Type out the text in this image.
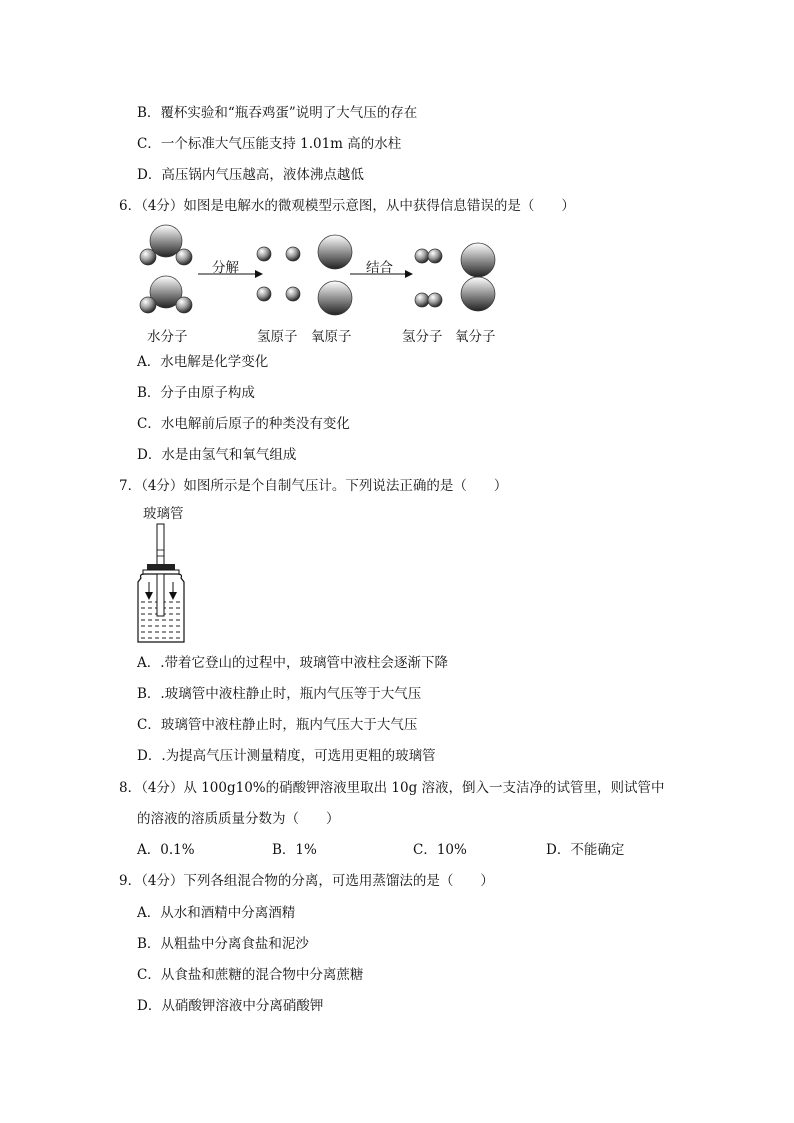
B．覆杯实验和“瓶吞鸡蛋”说明了大气压的存在
C．一个标准大气压能支持 1.01m 高的水柱
D．高压锅内气压越高，液体沸点越低
6．（4分）如图是电解水的微观模型示意图，从中获得信息错误的是（　　）
分解	结合
水分子	氢原子 氧原子	氢分子 氧分子
A．水电解是化学变化
B．分子由原子构成
C．水电解前后原子的种类没有变化
D．水是由氢气和氧气组成
7．（4分）如图所示是个自制气压计。下列说法正确的是（　　）
玻璃管
A．.带着它登山的过程中，玻璃管中液柱会逐渐下降
B．.玻璃管中液柱静止时，瓶内气压等于大气压
C．玻璃管中液柱静止时，瓶内气压大于大气压
D．.为提高气压计测量精度，可选用更粗的玻璃管
8．（4分）从 100g10%的硝酸钾溶液里取出 10g 溶液，倒入一支洁净的试管里，则试管中
的溶液的溶质质量分数为（　　）
A．0.1%	B．1%	C．10%	D．不能确定
9．（4分）下列各组混合物的分离，可选用蒸馏法的是（　　）
A．从水和酒精中分离酒精
B．从粗盐中分离食盐和泥沙
C．从食盐和蔗糖的混合物中分离蔗糖
D．从硝酸钾溶液中分离硝酸钾
